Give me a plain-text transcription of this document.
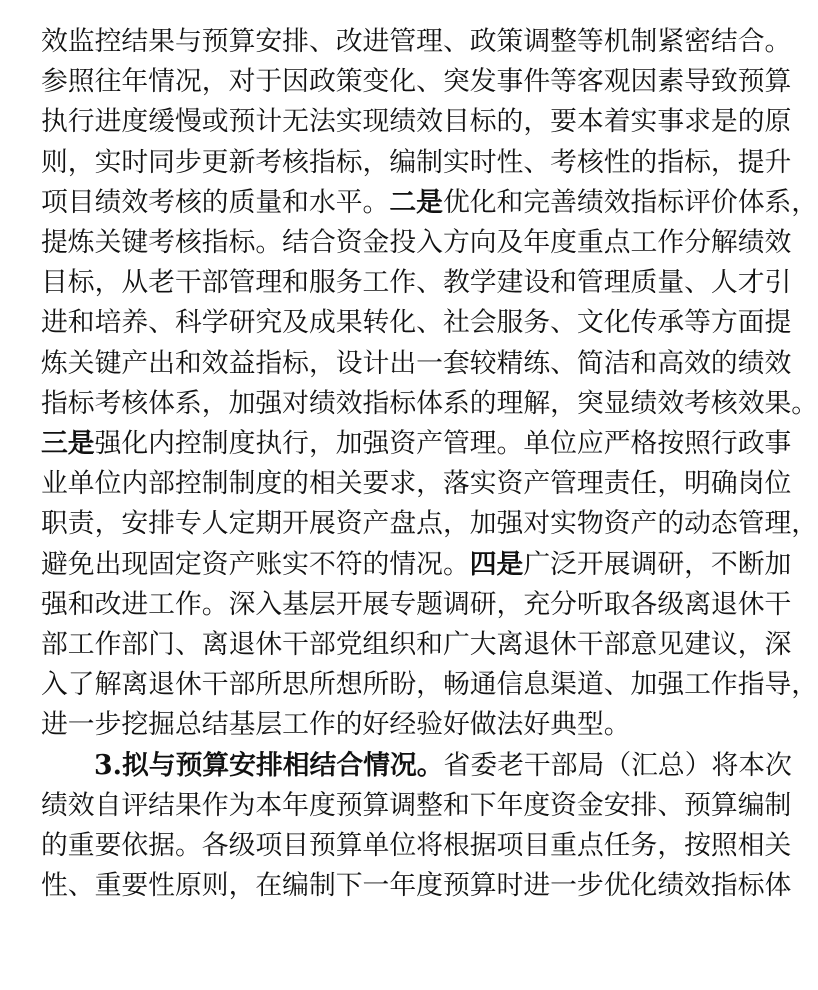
效监控结果与预算安排、改进管理、政策调整等机制紧密结合。
参照往年情况，对于因政策变化、突发事件等客观因素导致预算
执行进度缓慢或预计无法实现绩效目标的，要本着实事求是的原
则，实时同步更新考核指标，编制实时性、考核性的指标，提升
项目绩效考核的质量和水平。二是优化和完善绩效指标评价体系，
提炼关键考核指标。结合资金投入方向及年度重点工作分解绩效
目标，从老干部管理和服务工作、教学建设和管理质量、人才引
进和培养、科学研究及成果转化、社会服务、文化传承等方面提
炼关键产出和效益指标，设计出一套较精练、简洁和高效的绩效
指标考核体系，加强对绩效指标体系的理解，突显绩效考核效果。
三是强化内控制度执行，加强资产管理。单位应严格按照行政事
业单位内部控制制度的相关要求，落实资产管理责任，明确岗位
职责，安排专人定期开展资产盘点，加强对实物资产的动态管理，
避免出现固定资产账实不符的情况。四是广泛开展调研，不断加
强和改进工作。深入基层开展专题调研，充分听取各级离退休干
部工作部门、离退休干部党组织和广大离退休干部意见建议，深
入了解离退休干部所思所想所盼，畅通信息渠道、加强工作指导，
进一步挖掘总结基层工作的好经验好做法好典型。
3.拟与预算安排相结合情况。省委老干部局（汇总）将本次
绩效自评结果作为本年度预算调整和下年度资金安排、预算编制
的重要依据。各级项目预算单位将根据项目重点任务，按照相关
性、重要性原则，在编制下一年度预算时进一步优化绩效指标体
